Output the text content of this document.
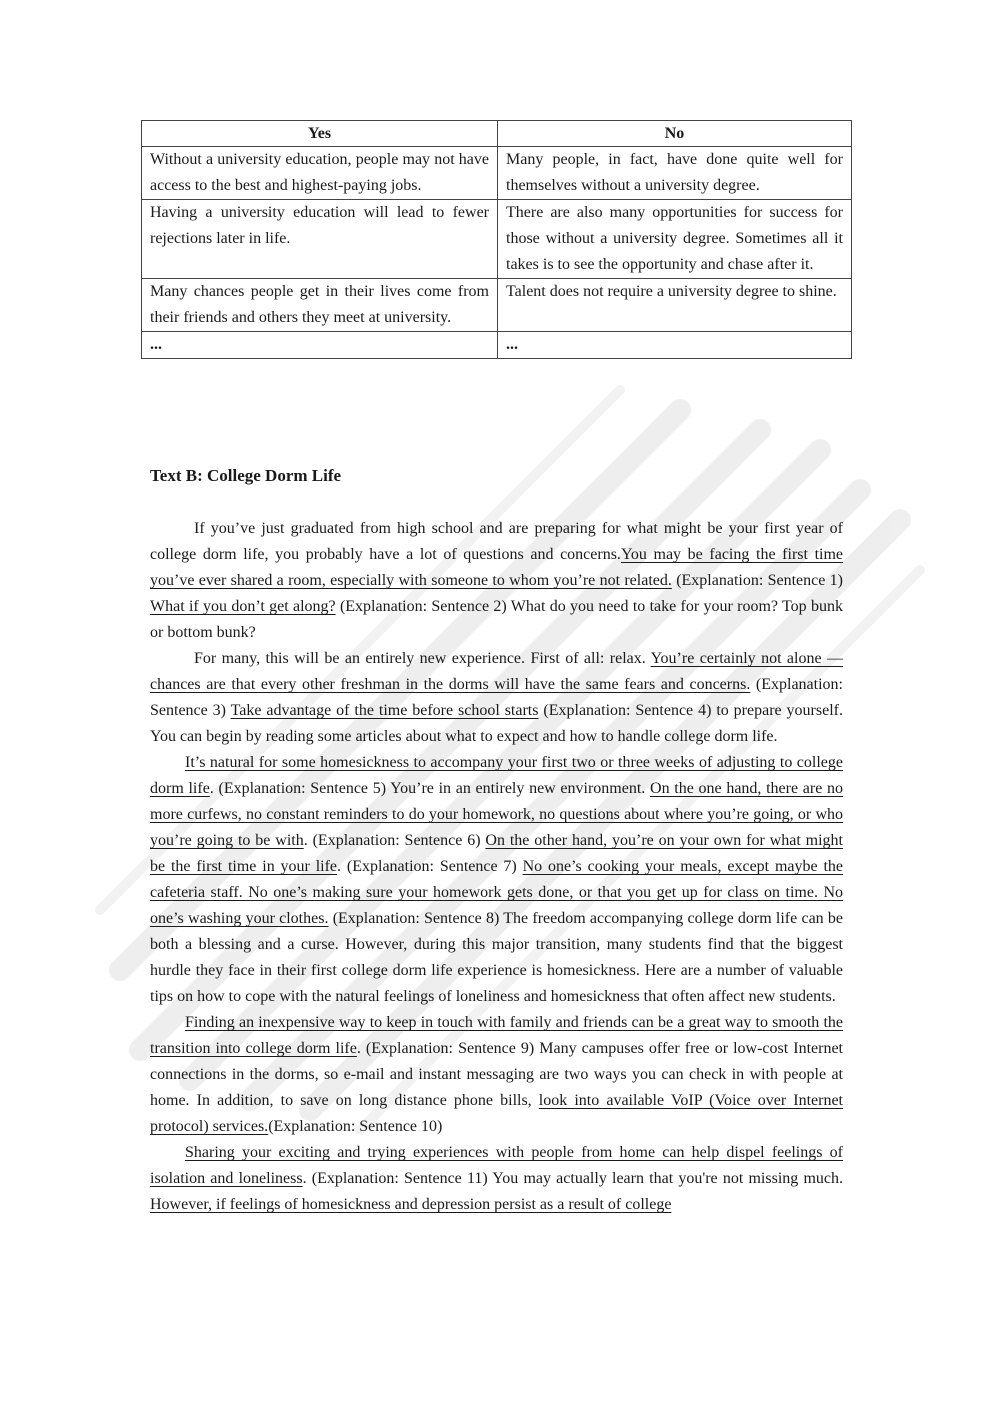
Yes	No
Without a university education, people may not have access to the best and highest-paying jobs.	Many people, in fact, have done quite well for themselves without a university degree.
Having a university education will lead to fewer rejections later in life.	There are also many opportunities for success for those without a university degree. Sometimes all it takes is to see the opportunity and chase after it.
Many chances people get in their lives come from their friends and others they meet at university.	Talent does not require a university degree to shine.
...	...
Text B: College Dorm Life

If you’ve just graduated from high school and are preparing for what might be your first year of college dorm life, you probably have a lot of questions and concerns.You may be facing the first time you’ve ever shared a room, especially with someone to whom you’re not related. (Explanation: Sentence 1) What if you don’t get along? (Explanation: Sentence 2) What do you need to take for your room? Top bunk or bottom bunk?

For many, this will be an entirely new experience. First of all: relax. You’re certainly not alone — chances are that every other freshman in the dorms will have the same fears and concerns. (Explanation: Sentence 3) Take advantage of the time before school starts (Explanation: Sentence 4) to prepare yourself. You can begin by reading some articles about what to expect and how to handle college dorm life.

It’s natural for some homesickness to accompany your first two or three weeks of adjusting to college dorm life. (Explanation: Sentence 5) You’re in an entirely new environment. On the one hand, there are no more curfews, no constant reminders to do your homework, no questions about where you’re going, or who you’re going to be with. (Explanation: Sentence 6) On the other hand, you’re on your own for what might be the first time in your life. (Explanation: Sentence 7) No one’s cooking your meals, except maybe the cafeteria staff. No one’s making sure your homework gets done, or that you get up for class on time. No one’s washing your clothes. (Explanation: Sentence 8) The freedom accompanying college dorm life can be both a blessing and a curse. However, during this major transition, many students find that the biggest hurdle they face in their first college dorm life experience is homesickness. Here are a number of valuable tips on how to cope with the natural feelings of loneliness and homesickness that often affect new students.

Finding an inexpensive way to keep in touch with family and friends can be a great way to smooth the transition into college dorm life. (Explanation: Sentence 9) Many campuses offer free or low-cost Internet connections in the dorms, so e-mail and instant messaging are two ways you can check in with people at home. In addition, to save on long distance phone bills, look into available VoIP (Voice over Internet protocol) services.(Explanation: Sentence 10)

Sharing your exciting and trying experiences with people from home can help dispel feelings of isolation and loneliness. (Explanation: Sentence 11) You may actually learn that you're not missing much. However, if feelings of homesickness and depression persist as a result of college
